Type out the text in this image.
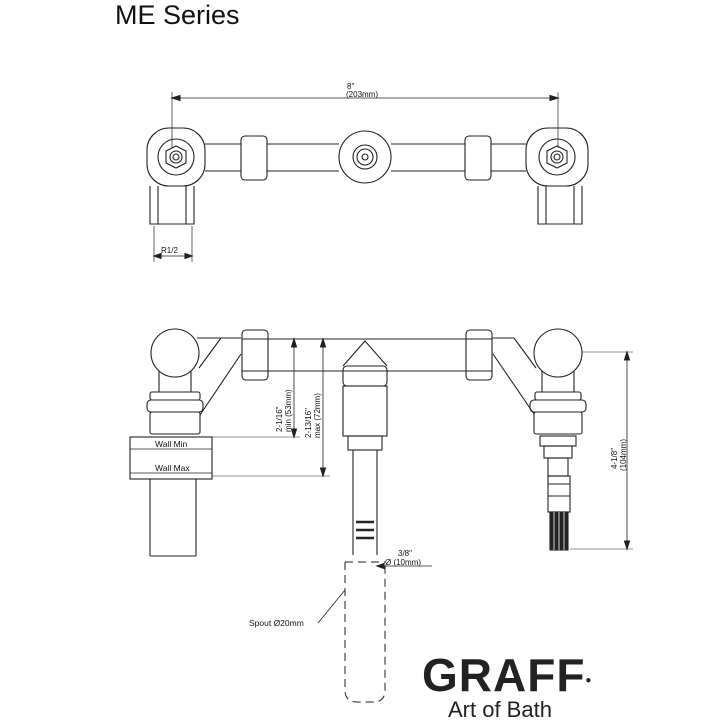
ME Series
8"
(203mm)
R1/2
Wall Min
Wall Max
2-1/16" min (53mm) 2-13/16" max (72mm)
4-1/8" (104mm)
3/8"
Ø (10mm)
Spout Ø20mm
GRAFF●
Art of Bath
